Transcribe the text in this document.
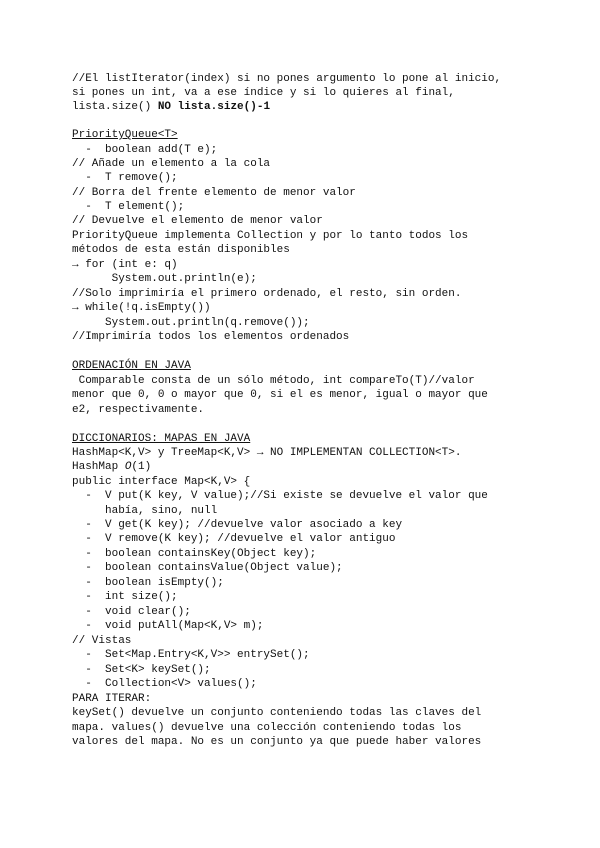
//El listIterator(index) si no pones argumento lo pone al inicio,
si pones un int, va a ese índice y si lo quieres al final,
lista.size() NO lista.size()-1
PriorityQueue<T>
-  boolean add(T e);
// Añade un elemento a la cola
-  T remove();
// Borra del frente elemento de menor valor
-  T element();
// Devuelve el elemento de menor valor
PriorityQueue implementa Collection y por lo tanto todos los
métodos de esta están disponibles
→ for (int e: q)
System.out.println(e);
//Solo imprimiría el primero ordenado, el resto, sin orden.
→ while(!q.isEmpty())
System.out.println(q.remove());
//Imprimiría todos los elementos ordenados
ORDENACIÓN EN JAVA
Comparable consta de un sólo método, int compareTo(T)//valor
menor que 0, 0 o mayor que 0, si el es menor, igual o mayor que
e2, respectivamente.
DICCIONARIOS: MAPAS EN JAVA
HashMap<K,V> y TreeMap<K,V> → NO IMPLEMENTAN COLLECTION<T>.
HashMap O(1)
public interface Map<K,V> {
-  V put(K key, V value);//Si existe se devuelve el valor que
había, sino, null
-  V get(K key); //devuelve valor asociado a key
-  V remove(K key); //devuelve el valor antiguo
-  boolean containsKey(Object key);
-  boolean containsValue(Object value);
-  boolean isEmpty();
-  int size();
-  void clear();
-  void putAll(Map<K,V> m);
// Vistas
-  Set<Map.Entry<K,V>> entrySet();
-  Set<K> keySet();
-  Collection<V> values();
PARA ITERAR:
keySet() devuelve un conjunto conteniendo todas las claves del
mapa. values() devuelve una colección conteniendo todas los
valores del mapa. No es un conjunto ya que puede haber valores
